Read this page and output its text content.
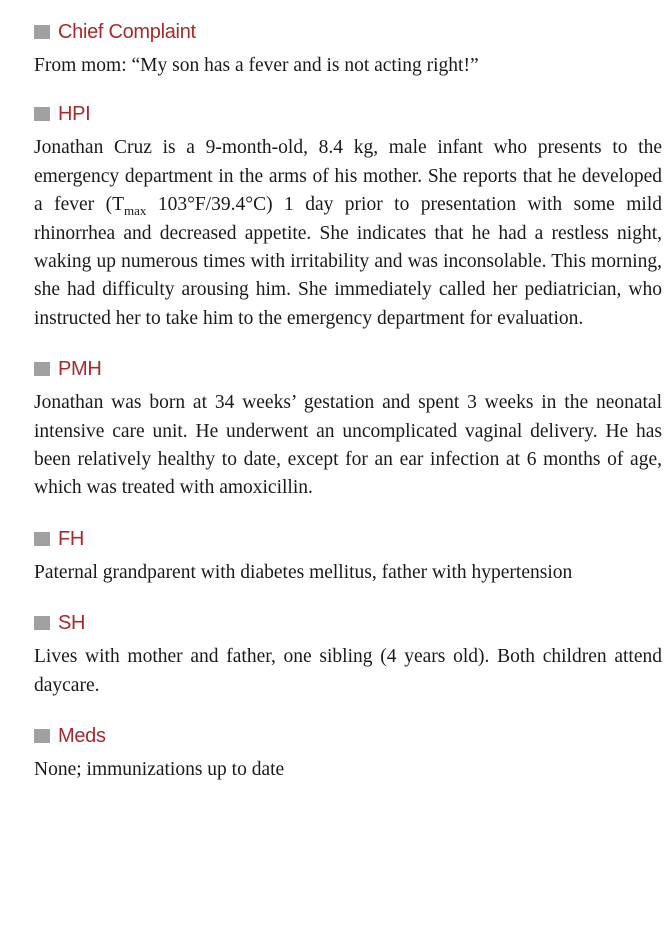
Chief Complaint

From mom: “My son has a fever and is not acting right!”

HPI

Jonathan Cruz is a 9-month-old, 8.4 kg, male infant who presents to the emergency department in the arms of his mother. She reports that he developed a fever ($T_{max}$ 103°F/39.4°C) 1 day prior to presentation with some mild rhinorrhea and decreased appetite. She indicates that he had a restless night, waking up numerous times with irritability and was inconsolable. This morning, she had difficulty arousing him. She immediately called her pediatrician, who instructed her to take him to the emergency department for evaluation.

PMH

Jonathan was born at 34 weeks’ gestation and spent 3 weeks in the neonatal intensive care unit. He underwent an uncomplicated vaginal delivery. He has been relatively healthy to date, except for an ear infection at 6 months of age, which was treated with amoxicillin.

FH

Paternal grandparent with diabetes mellitus, father with hypertension

SH

Lives with mother and father, one sibling (4 years old). Both children attend daycare.

Meds

None; immunizations up to date
